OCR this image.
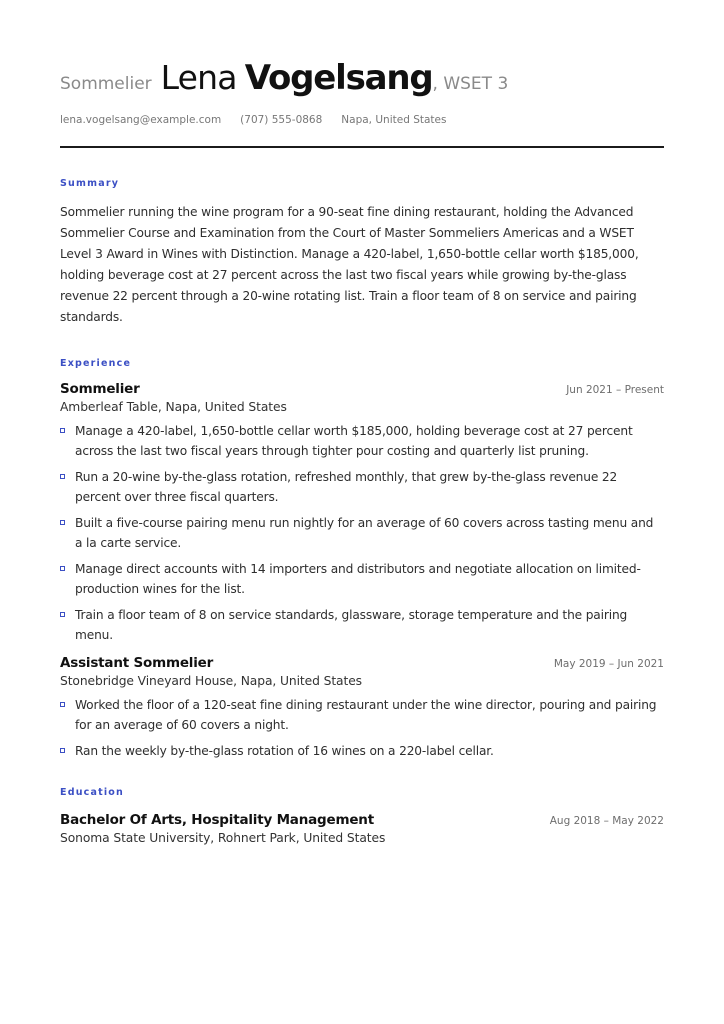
Sommelier Lena Vogelsang , WSET 3
lena.vogelsang@example.com (707) 555-0868 Napa, United States
Summary
Sommelier running the wine program for a 90-seat fine dining restaurant, holding the Advanced Sommelier Course and Examination from the Court of Master Sommeliers Americas and a WSET Level 3 Award in Wines with Distinction. Manage a 420-label, 1,650-bottle cellar worth $185,000, holding beverage cost at 27 percent across the last two fiscal years while growing by-the-glass revenue 22 percent through a 20-wine rotating list. Train a floor team of 8 on service and pairing standards.
Experience
Sommelier	Jun 2021 – Present
Amberleaf Table, Napa, United States
Manage a 420-label, 1,650-bottle cellar worth $185,000, holding beverage cost at 27 percent across the last two fiscal years through tighter pour costing and quarterly list pruning.
Run a 20-wine by-the-glass rotation, refreshed monthly, that grew by-the-glass revenue 22 percent over three fiscal quarters.
Built a five-course pairing menu run nightly for an average of 60 covers across tasting menu and a la carte service.
Manage direct accounts with 14 importers and distributors and negotiate allocation on limited-production wines for the list.
Train a floor team of 8 on service standards, glassware, storage temperature and the pairing menu.
Assistant Sommelier	May 2019 – Jun 2021
Stonebridge Vineyard House, Napa, United States
Worked the floor of a 120-seat fine dining restaurant under the wine director, pouring and pairing for an average of 60 covers a night.
Ran the weekly by-the-glass rotation of 16 wines on a 220-label cellar.
Education
Bachelor Of Arts, Hospitality Management	Aug 2018 – May 2022
Sonoma State University, Rohnert Park, United States
